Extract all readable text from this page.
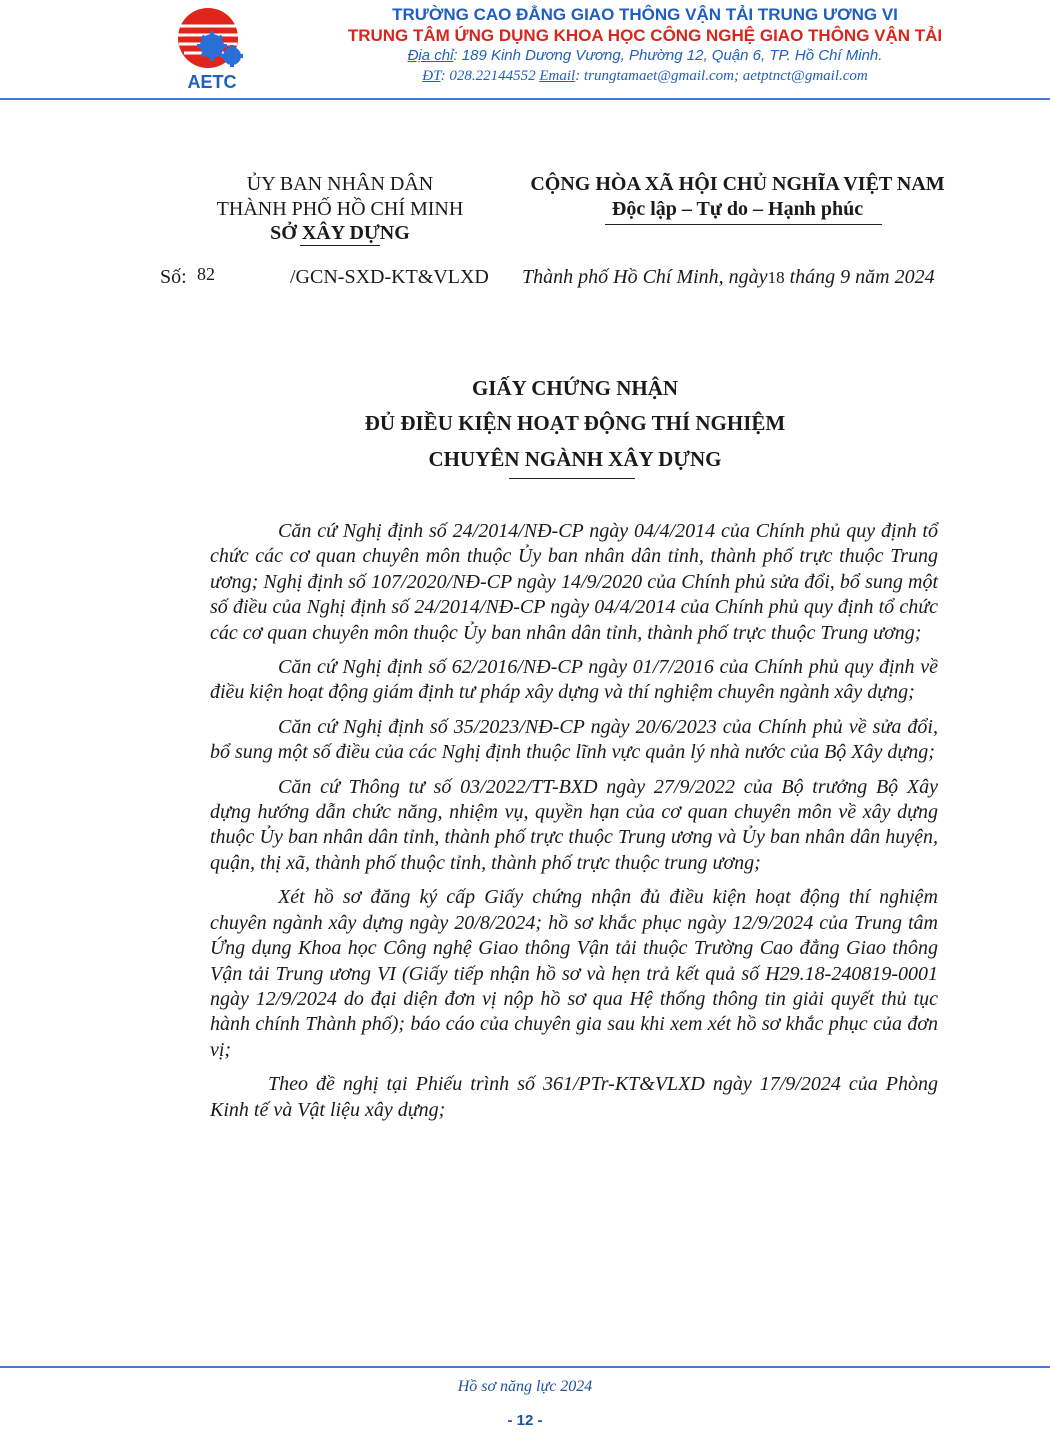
AETC
TRƯỜNG CAO ĐẲNG GIAO THÔNG VẬN TẢI TRUNG ƯƠNG VI
TRUNG TÂM ỨNG DỤNG KHOA HỌC CÔNG NGHỆ GIAO THÔNG VẬN TẢI
Địa chỉ: 189 Kinh Dương Vương, Phường 12, Quận 6, TP. Hồ Chí Minh.
ĐT: 028.22144552 Email: trungtamaet@gmail.com; aetptnct@gmail.com
ỦY BAN NHÂN DÂN
THÀNH PHỐ HỒ CHÍ MINH
SỞ XÂY DỰNG
CỘNG HÒA XÃ HỘI CHỦ NGHĨA VIỆT NAM
Độc lập – Tự do – Hạnh phúc
Số: 82	/GCN-SXD-KT&VLXD Thành phố Hồ Chí Minh, ngày18 tháng 9 năm 2024
GIẤY CHỨNG NHẬN
ĐỦ ĐIỀU KIỆN HOẠT ĐỘNG THÍ NGHIỆM
CHUYÊN NGÀNH XÂY DỰNG

Căn cứ Nghị định số 24/2014/NĐ-CP ngày 04/4/2014 của Chính phủ quy định tổ chức các cơ quan chuyên môn thuộc Ủy ban nhân dân tỉnh, thành phố trực thuộc Trung ương; Nghị định số 107/2020/NĐ-CP ngày 14/9/2020 của Chính phủ sửa đổi, bổ sung một số điều của Nghị định số 24/2014/NĐ-CP ngày 04/4/2014 của Chính phủ quy định tổ chức các cơ quan chuyên môn thuộc Ủy ban nhân dân tỉnh, thành phố trực thuộc Trung ương;

Căn cứ Nghị định số 62/2016/NĐ-CP ngày 01/7/2016 của Chính phủ quy định về điều kiện hoạt động giám định tư pháp xây dựng và thí nghiệm chuyên ngành xây dựng;

Căn cứ Nghị định số 35/2023/NĐ-CP ngày 20/6/2023 của Chính phủ về sửa đổi, bổ sung một số điều của các Nghị định thuộc lĩnh vực quản lý nhà nước của Bộ Xây dựng;

Căn cứ Thông tư số 03/2022/TT-BXD ngày 27/9/2022 của Bộ trưởng Bộ Xây dựng hướng dẫn chức năng, nhiệm vụ, quyền hạn của cơ quan chuyên môn về xây dựng thuộc Ủy ban nhân dân tỉnh, thành phố trực thuộc Trung ương và Ủy ban nhân dân huyện, quận, thị xã, thành phố thuộc tỉnh, thành phố trực thuộc trung ương;

Xét hồ sơ đăng ký cấp Giấy chứng nhận đủ điều kiện hoạt động thí nghiệm chuyên ngành xây dựng ngày 20/8/2024; hồ sơ khắc phục ngày 12/9/2024 của Trung tâm Ứng dụng Khoa học Công nghệ Giao thông Vận tải thuộc Trường Cao đẳng Giao thông Vận tải Trung ương VI (Giấy tiếp nhận hồ sơ và hẹn trả kết quả số H29.18-240819-0001 ngày 12/9/2024 do đại diện đơn vị nộp hồ sơ qua Hệ thống thông tin giải quyết thủ tục hành chính Thành phố); báo cáo của chuyên gia sau khi xem xét hồ sơ khắc phục của đơn vị;

Theo đề nghị tại Phiếu trình số 361/PTr-KT&VLXD ngày 17/9/2024 của Phòng Kinh tế và Vật liệu xây dựng;

Hồ sơ năng lực 2024
- 12 -
